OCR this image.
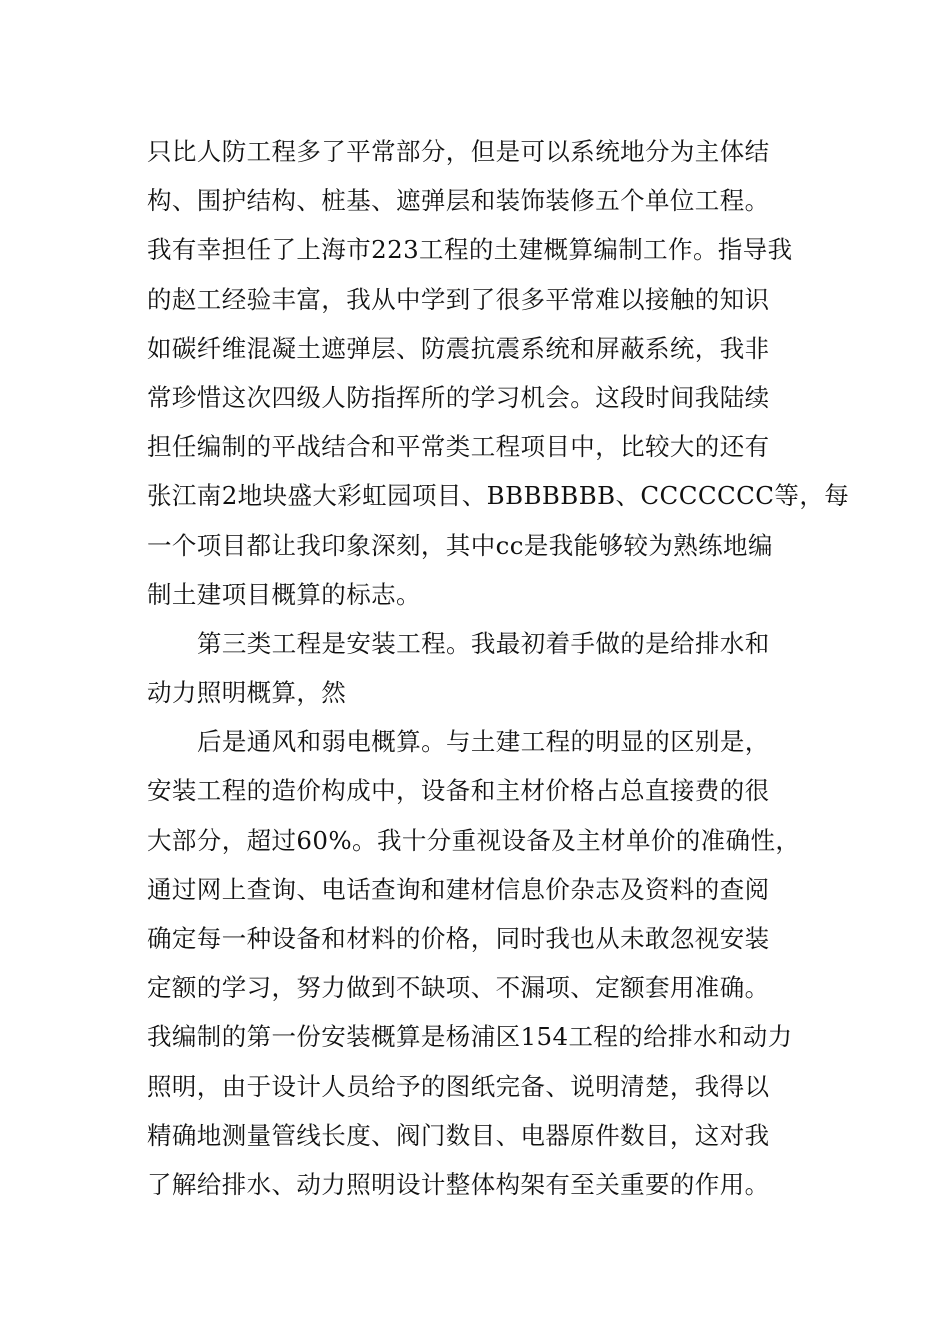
只比人防工程多了平常部分，但是可以系统地分为主体结
构、围护结构、桩基、遮弹层和装饰装修五个单位工程。
我有幸担任了上海市223工程的土建概算编制工作。指导我
的赵工经验丰富，我从中学到了很多平常难以接触的知识
如碳纤维混凝土遮弹层、防震抗震系统和屏蔽系统，我非
常珍惜这次四级人防指挥所的学习机会。这段时间我陆续
担任编制的平战结合和平常类工程项目中，比较大的还有
张江南2地块盛大彩虹园项目、BBBBBBB、CCCCCCC等，每
一个项目都让我印象深刻，其中cc是我能够较为熟练地编
制土建项目概算的标志。
第三类工程是安装工程。我最初着手做的是给排水和
动力照明概算，然
后是通风和弱电概算。与土建工程的明显的区别是，
安装工程的造价构成中，设备和主材价格占总直接费的很
大部分，超过60%。我十分重视设备及主材单价的准确性，
通过网上查询、电话查询和建材信息价杂志及资料的查阅
确定每一种设备和材料的价格，同时我也从未敢忽视安装
定额的学习，努力做到不缺项、不漏项、定额套用准确。
我编制的第一份安装概算是杨浦区154工程的给排水和动力
照明，由于设计人员给予的图纸完备、说明清楚，我得以
精确地测量管线长度、阀门数目、电器原件数目，这对我
了解给排水、动力照明设计整体构架有至关重要的作用。
